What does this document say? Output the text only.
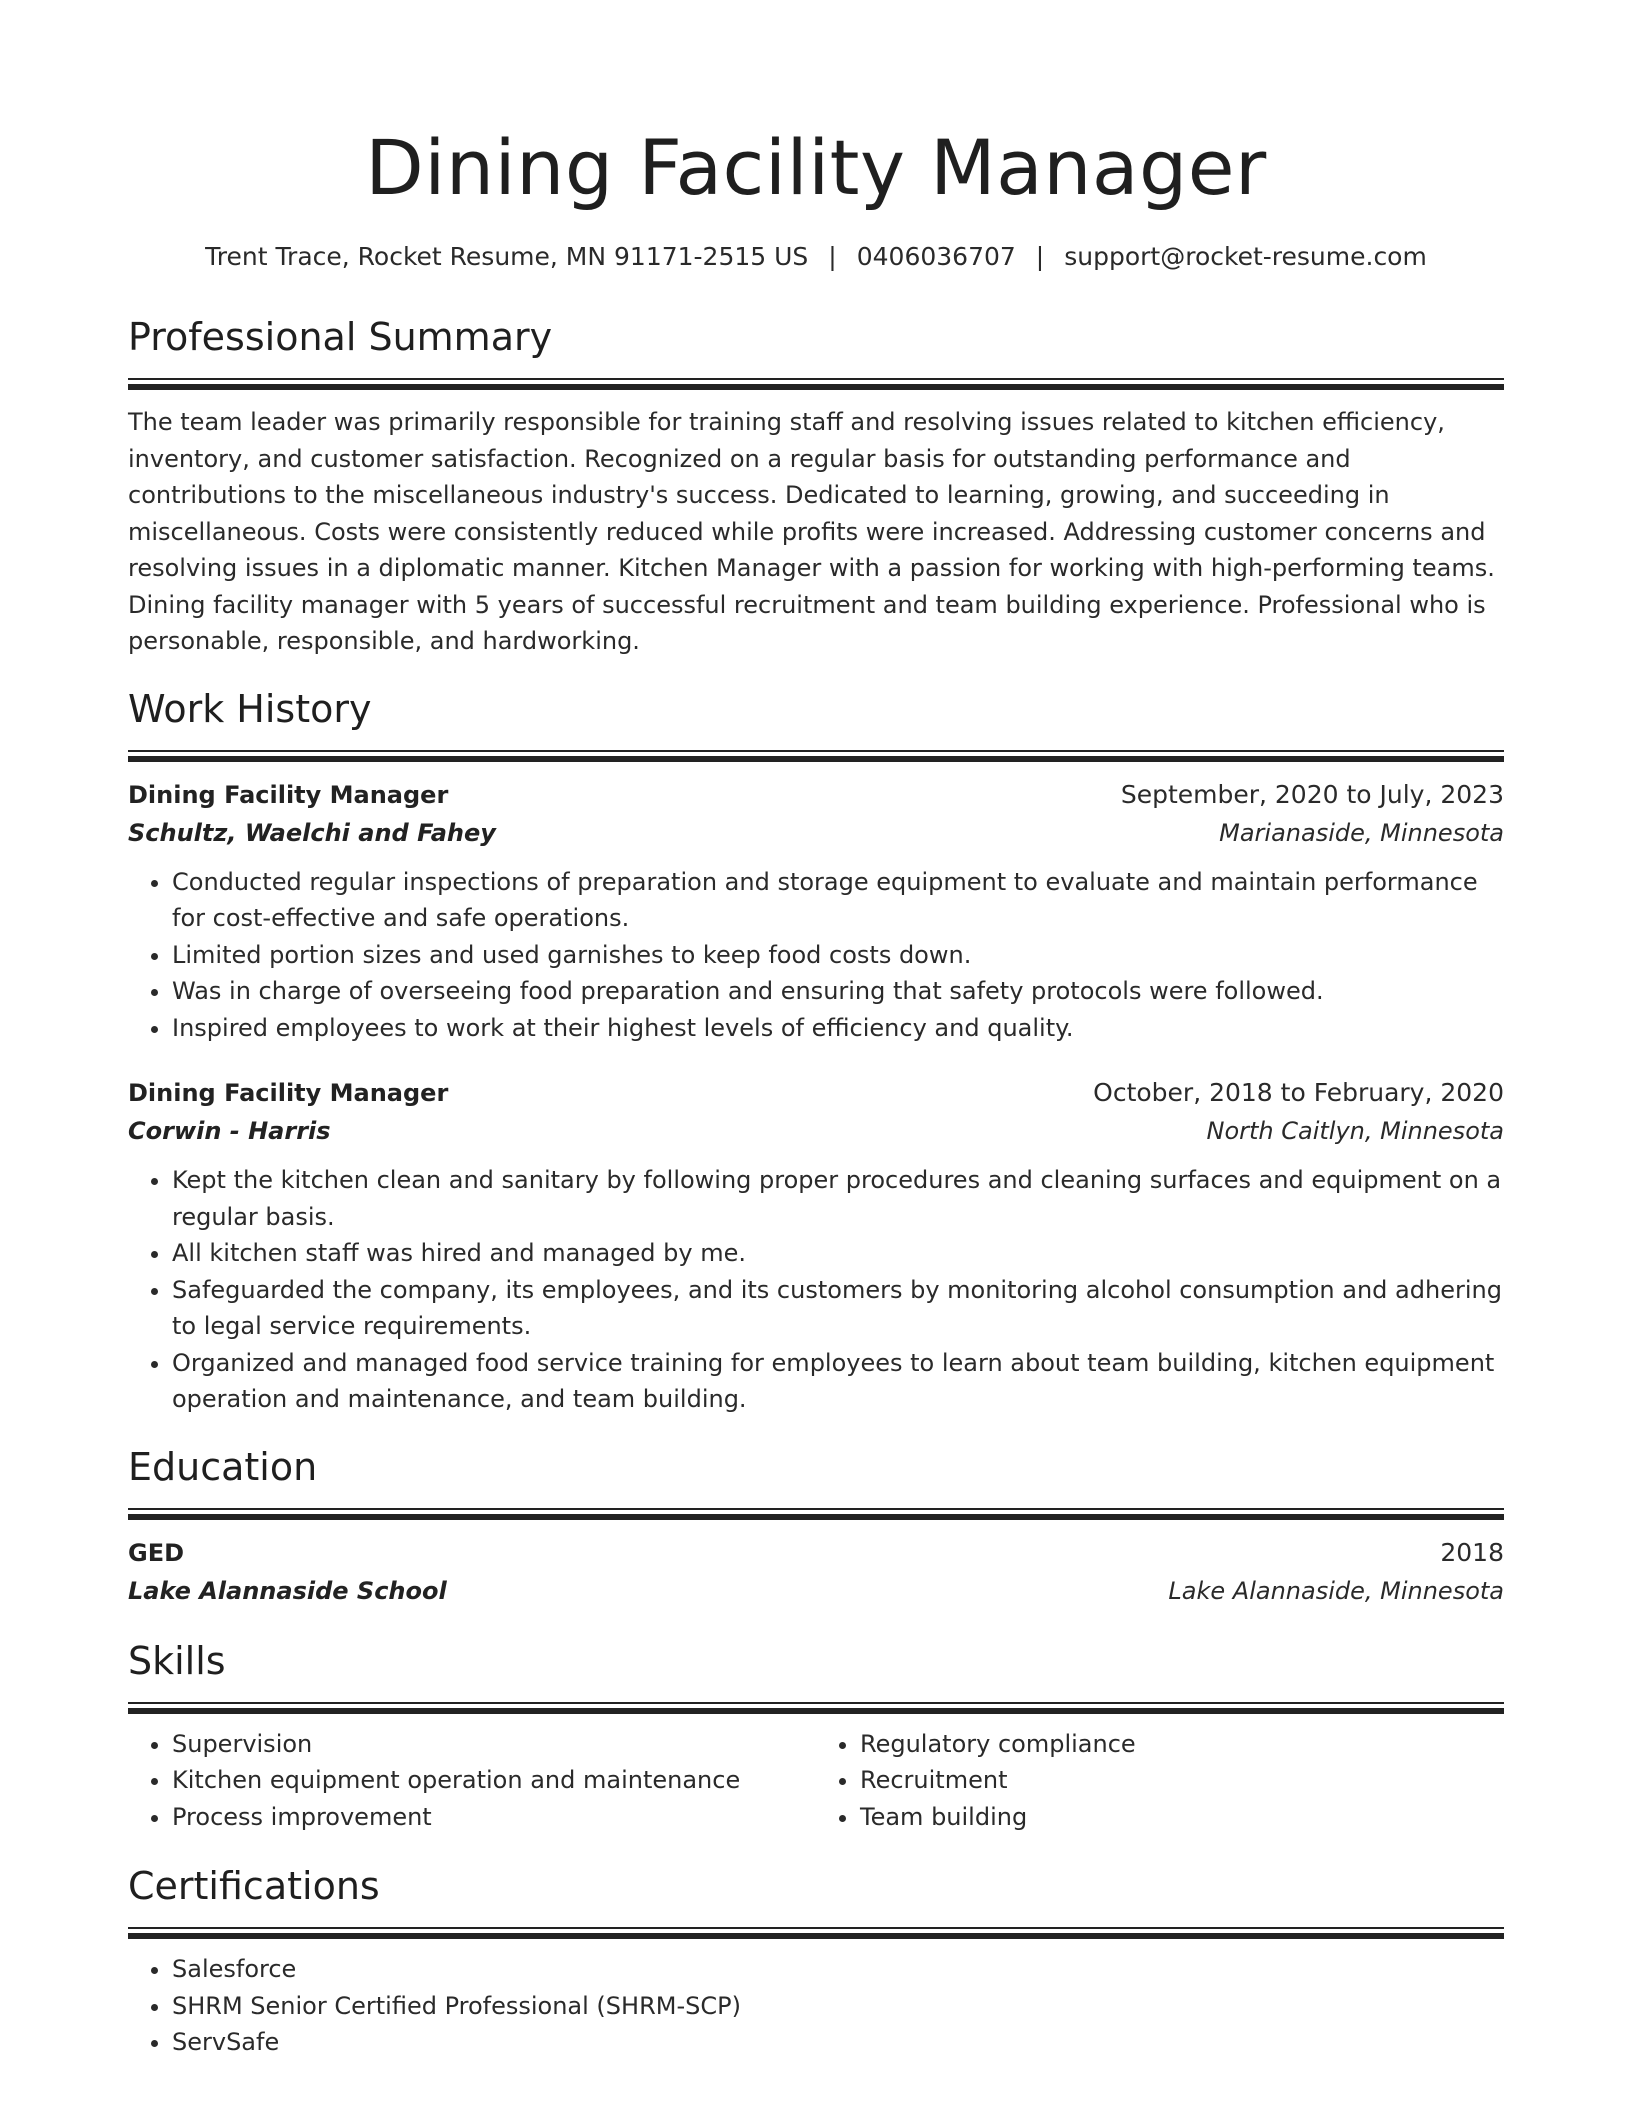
Dining Facility Manager
Trent Trace, Rocket Resume, MN 91171-2515 US | 0406036707 | support@rocket-resume.com
Professional Summary
The team leader was primarily responsible for training staff and resolving issues related to kitchen efficiency, inventory, and customer satisfaction. Recognized on a regular basis for outstanding performance and contributions to the miscellaneous industry's success. Dedicated to learning, growing, and succeeding in miscellaneous. Costs were consistently reduced while profits were increased. Addressing customer concerns and resolving issues in a diplomatic manner. Kitchen Manager with a passion for working with high-performing teams. Dining facility manager with 5 years of successful recruitment and team building experience. Professional who is personable, responsible, and hardworking.
Work History
Dining Facility Manager	September, 2020 to July, 2023
Schultz, Waelchi and Fahey	Marianaside, Minnesota
• Conducted regular inspections of preparation and storage equipment to evaluate and maintain performance for cost-effective and safe operations.
• Limited portion sizes and used garnishes to keep food costs down.
• Was in charge of overseeing food preparation and ensuring that safety protocols were followed.
• Inspired employees to work at their highest levels of efficiency and quality.
Dining Facility Manager	October, 2018 to February, 2020
Corwin - Harris	North Caitlyn, Minnesota
• Kept the kitchen clean and sanitary by following proper procedures and cleaning surfaces and equipment on a regular basis.
• All kitchen staff was hired and managed by me.
• Safeguarded the company, its employees, and its customers by monitoring alcohol consumption and adhering to legal service requirements.
• Organized and managed food service training for employees to learn about team building, kitchen equipment operation and maintenance, and team building.
Education
GED	2018
Lake Alannaside School	Lake Alannaside, Minnesota
Skills
• Supervision
• Kitchen equipment operation and maintenance
• Process improvement
• Regulatory compliance
• Recruitment
• Team building
Certifications
• Salesforce
• SHRM Senior Certified Professional (SHRM-SCP)
• ServSafe
